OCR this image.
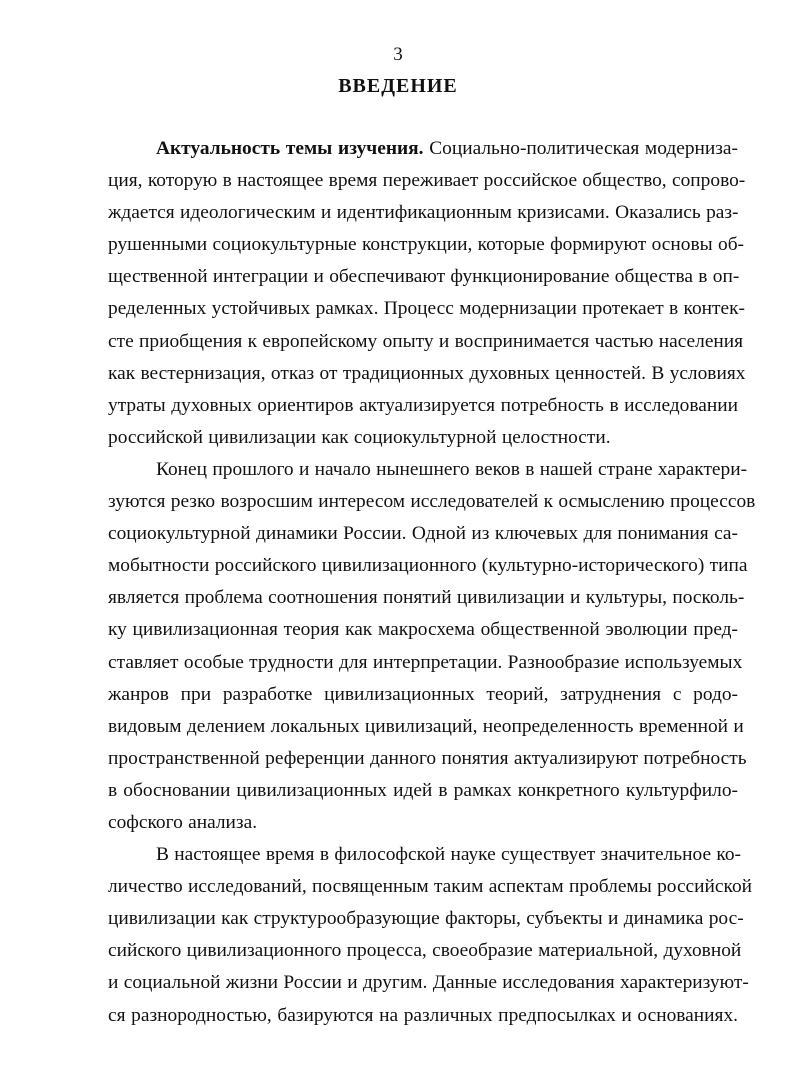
3
ВВЕДЕНИЕ

Актуальность темы изучения. Социально-политическая модерниза-
ция, которую в настоящее время переживает российское общество, сопрово-
ждается идеологическим и идентификационным кризисами. Оказались раз-
рушенными социокультурные конструкции, которые формируют основы об-
щественной интеграции и обеспечивают функционирование общества в оп-
ределенных устойчивых рамках. Процесс модернизации протекает в контек-
сте приобщения к европейскому опыту и воспринимается частью населения
как вестернизация, отказ от традиционных духовных ценностей. В условиях
утраты духовных ориентиров актуализируется потребность в исследовании
российской цивилизации как социокультурной целостности.

Конец прошлого и начало нынешнего веков в нашей стране характери-
зуются резко возросшим интересом исследователей к осмыслению процессов
социокультурной динамики России. Одной из ключевых для понимания са-
мобытности российского цивилизационного (культурно-исторического) типа
является проблема соотношения понятий цивилизации и культуры, посколь-
ку цивилизационная теория как макросхема общественной эволюции пред-
ставляет особые трудности для интерпретации. Разнообразие используемых
жанров при разработке цивилизационных теорий, затруднения с родо-
видовым делением локальных цивилизаций, неопределенность временной и
пространственной референции данного понятия актуализируют потребность
в обосновании цивилизационных идей в рамках конкретного культурфило-
софского анализа.

В настоящее время в философской науке существует значительное ко-
личество исследований, посвященным таким аспектам проблемы российской
цивилизации как структурообразующие факторы, субъекты и динамика рос-
сийского цивилизационного процесса, своеобразие материальной, духовной
и социальной жизни России и другим. Данные исследования характеризуют-
ся разнородностью, базируются на различных предпосылках и основаниях.
